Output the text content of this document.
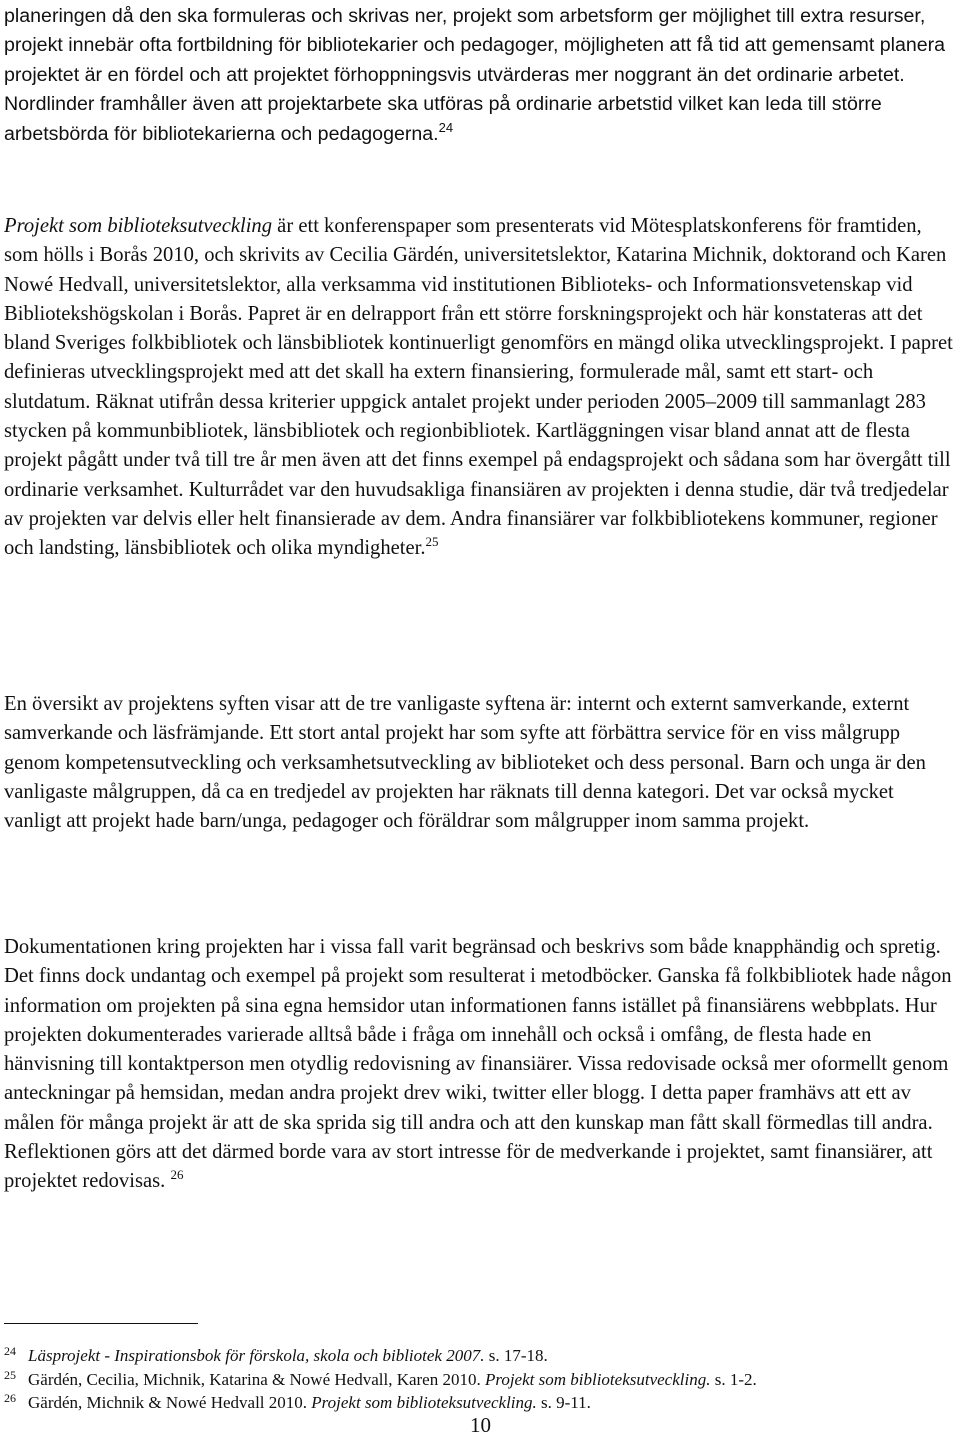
planeringen då den ska formuleras och skrivas ner, projekt som arbetsform ger möjlighet till extra resurser, projekt innebär ofta fortbildning för bibliotekarier och pedagoger, möjligheten att få tid att gemensamt planera projektet är en fördel och att projektet förhoppningsvis utvärderas mer noggrant än det ordinarie arbetet. Nordlinder framhåller även att projektarbete ska utföras på ordinarie arbetstid vilket kan leda till större arbetsbörda för bibliotekarierna och pedagogerna.$^{24}$

Projekt som biblioteksutveckling är ett konferenspaper som presenterats vid Mötesplatskonferens för framtiden, som hölls i Borås 2010, och skrivits av Cecilia Gärdén, universitetslektor, Katarina Michnik, doktorand och Karen Nowé Hedvall, universitetslektor, alla verksamma vid institutionen Biblioteks- och Informationsvetenskap vid Bibliotekshögskolan i Borås. Papret är en delrapport från ett större forskningsprojekt och här konstateras att det bland Sveriges folkbibliotek och länsbibliotek kontinuerligt genomförs en mängd olika utvecklingsprojekt. I papret definieras utvecklingsprojekt med att det skall ha extern finansiering, formulerade mål, samt ett start- och slutdatum. Räknat utifrån dessa kriterier uppgick antalet projekt under perioden 2005–2009 till sammanlagt 283 stycken på kommunbibliotek, länsbibliotek och regionbibliotek. Kartläggningen visar bland annat att de flesta projekt pågått under två till tre år men även att det finns exempel på endagsprojekt och sådana som har övergått till ordinarie verksamhet. Kulturrådet var den huvudsakliga finansiären av projekten i denna studie, där två tredjedelar av projekten var delvis eller helt finansierade av dem. Andra finansiärer var folkbibliotekens kommuner, regioner och landsting, länsbibliotek och olika myndigheter.$^{25}$

En översikt av projektens syften visar att de tre vanligaste syftena är: internt och externt samverkande, externt samverkande och läsfrämjande. Ett stort antal projekt har som syfte att förbättra service för en viss målgrupp genom kompetensutveckling och verksamhetsutveckling av biblioteket och dess personal. Barn och unga är den vanligaste målgruppen, då ca en tredjedel av projekten har räknats till denna kategori. Det var också mycket vanligt att projekt hade barn/unga, pedagoger och föräldrar som målgrupper inom samma projekt.

Dokumentationen kring projekten har i vissa fall varit begränsad och beskrivs som både knapphändig och spretig. Det finns dock undantag och exempel på projekt som resulterat i metodböcker. Ganska få folkbibliotek hade någon information om projekten på sina egna hemsidor utan informationen fanns istället på finansiärens webbplats. Hur projekten dokumenterades varierade alltså både i fråga om innehåll och också i omfång, de flesta hade en hänvisning till kontaktperson men otydlig redovisning av finansiärer. Vissa redovisade också mer oformellt genom anteckningar på hemsidan, medan andra projekt drev wiki, twitter eller blogg. I detta paper framhävs att ett av målen för många projekt är att de ska sprida sig till andra och att den kunskap man fått skall förmedlas till andra. Reflektionen görs att det därmed borde vara av stort intresse för de medverkande i projektet, samt finansiärer, att projektet redovisas. $^{26}$

24 Läsprojekt - Inspirationsbok för förskola, skola och bibliotek 2007. s. 17-18.
25 Gärdén, Cecilia, Michnik, Katarina & Nowé Hedvall, Karen 2010. Projekt som biblioteksutveckling. s. 1-2.
26 Gärdén, Michnik & Nowé Hedvall 2010. Projekt som biblioteksutveckling. s. 9-11.
10
